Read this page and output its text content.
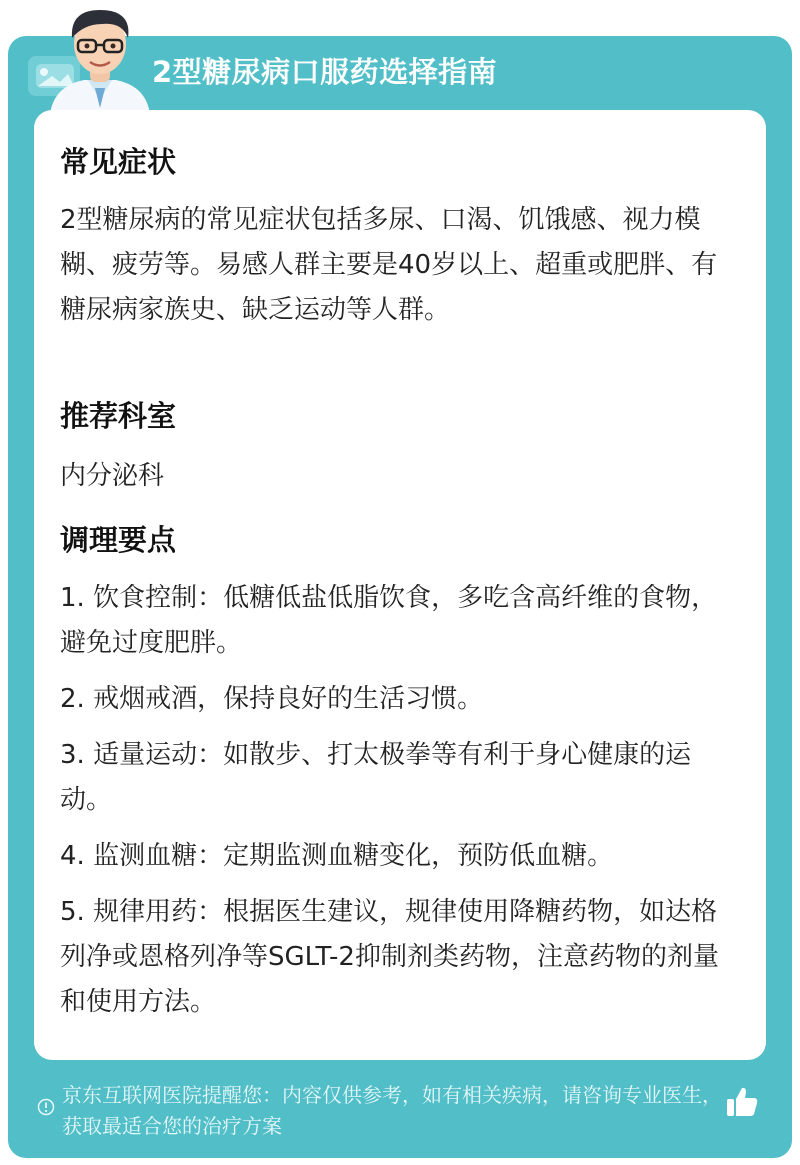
2型糖尿病口服药选择指南
常见症状
2型糖尿病的常见症状包括多尿、口渴、饥饿感、视力模糊、疲劳等。易感人群主要是40岁以上、超重或肥胖、有糖尿病家族史、缺乏运动等人群。
推荐科室
内分泌科
调理要点
1. 饮食控制：低糖低盐低脂饮食，多吃含高纤维的食物，避免过度肥胖。
2. 戒烟戒酒，保持良好的生活习惯。
3. 适量运动：如散步、打太极拳等有利于身心健康的运动。
4. 监测血糖：定期监测血糖变化，预防低血糖。
5. 规律用药：根据医生建议，规律使用降糖药物，如达格列净或恩格列净等SGLT-2抑制剂类药物，注意药物的剂量和使用方法。
京东互联网医院提醒您：内容仅供参考，如有相关疾病，请咨询专业医生，获取最适合您的治疗方案
